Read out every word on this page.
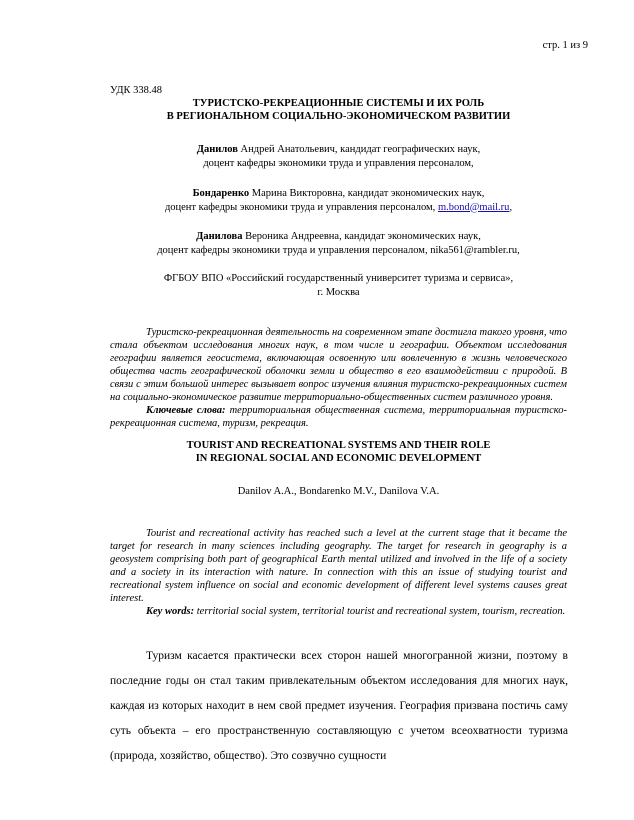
стр. 1 из 9
УДК 338.48
ТУРИСТСКО-РЕКРЕАЦИОННЫЕ СИСТЕМЫ И ИХ РОЛЬ
В РЕГИОНАЛЬНОМ СОЦИАЛЬНО-ЭКОНОМИЧЕСКОМ РАЗВИТИИ
Данилов Андрей Анатольевич, кандидат географических наук,
доцент кафедры экономики труда и управления персоналом,
Бондаренко Марина Викторовна, кандидат экономических наук,
доцент кафедры экономики труда и управления персоналом, m.bond@mail.ru,
Данилова Вероника Андреевна, кандидат экономических наук,
доцент кафедры экономики труда и управления персоналом, nika561@rambler.ru,
ФГБОУ ВПО «Российский государственный университет туризма и сервиса»,
г. Москва
Туристско-рекреационная деятельность на современном этапе достигла такого уровня, что стала объектом исследования многих наук, в том числе и географии. Объектом исследования географии является геосистема, включающая освоенную или вовлеченную в жизнь человеческого общества часть географической оболочки земли и общество в его взаимодействии с природой. В связи с этим большой интерес вызывает вопрос изучения влияния туристско-рекреационных систем на социально-экономическое развитие территориально-общественных систем различного уровня.
Ключевые слова: территориальная общественная система, территориальная туристско-рекреационная система, туризм, рекреация.
TOURIST AND RECREATIONAL SYSTEMS AND THEIR ROLE
IN REGIONAL SOCIAL AND ECONOMIC DEVELOPMENT
Danilov A.A., Bondarenko M.V., Danilova V.A.
Tourist and recreational activity has reached such a level at the current stage that it became the target for research in many sciences including geography. The target for research in geography is a geosystem comprising both part of geographical Earth mental utilized and involved in the life of a society and a society in its interaction with nature. In connection with this an issue of studying tourist and recreational system influence on social and economic development of different level systems causes great interest.
Key words: territorial social system, territorial tourist and recreational system, tourism, recreation.
Туризм касается практически всех сторон нашей многогранной жизни, поэтому в последние годы он стал таким привлекательным объектом исследования для многих наук, каждая из которых находит в нем свой предмет изучения. География призвана постичь саму суть объекта – его пространственную составляющую с учетом всеохватности туризма (природа, хозяйство, общество). Это созвучно сущности
